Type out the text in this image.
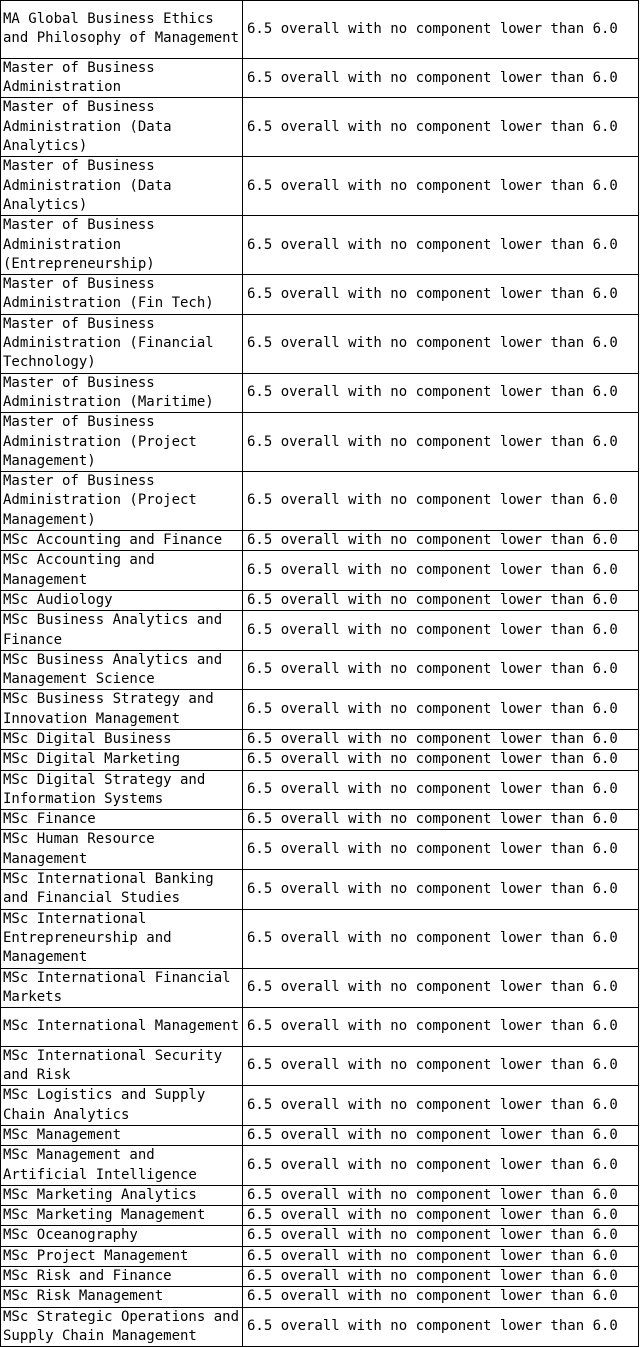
MA Global Business Ethics and Philosophy of Management	6.5 overall with no component lower than 6.0
Master of Business Administration	6.5 overall with no component lower than 6.0
Master of Business Administration (Data Analytics)	6.5 overall with no component lower than 6.0
Master of Business Administration (Data Analytics)	6.5 overall with no component lower than 6.0
Master of Business Administration (Entrepreneurship)	6.5 overall with no component lower than 6.0
Master of Business Administration (Fin Tech)	6.5 overall with no component lower than 6.0
Master of Business Administration (Financial Technology)	6.5 overall with no component lower than 6.0
Master of Business Administration (Maritime)	6.5 overall with no component lower than 6.0
Master of Business Administration (Project Management)	6.5 overall with no component lower than 6.0
Master of Business Administration (Project Management)	6.5 overall with no component lower than 6.0
MSc Accounting and Finance	6.5 overall with no component lower than 6.0
MSc Accounting and Management	6.5 overall with no component lower than 6.0
MSc Audiology	6.5 overall with no component lower than 6.0
MSc Business Analytics and Finance	6.5 overall with no component lower than 6.0
MSc Business Analytics and Management Science	6.5 overall with no component lower than 6.0
MSc Business Strategy and Innovation Management	6.5 overall with no component lower than 6.0
MSc Digital Business	6.5 overall with no component lower than 6.0
MSc Digital Marketing	6.5 overall with no component lower than 6.0
MSc Digital Strategy and Information Systems	6.5 overall with no component lower than 6.0
MSc Finance	6.5 overall with no component lower than 6.0
MSc Human Resource Management	6.5 overall with no component lower than 6.0
MSc International Banking and Financial Studies	6.5 overall with no component lower than 6.0
MSc International Entrepreneurship and Management	6.5 overall with no component lower than 6.0
MSc International Financial Markets	6.5 overall with no component lower than 6.0
MSc International Management	6.5 overall with no component lower than 6.0
MSc International Security and Risk	6.5 overall with no component lower than 6.0
MSc Logistics and Supply Chain Analytics	6.5 overall with no component lower than 6.0
MSc Management	6.5 overall with no component lower than 6.0
MSc Management and Artificial Intelligence	6.5 overall with no component lower than 6.0
MSc Marketing Analytics	6.5 overall with no component lower than 6.0
MSc Marketing Management	6.5 overall with no component lower than 6.0
MSc Oceanography	6.5 overall with no component lower than 6.0
MSc Project Management	6.5 overall with no component lower than 6.0
MSc Risk and Finance	6.5 overall with no component lower than 6.0
MSc Risk Management	6.5 overall with no component lower than 6.0
MSc Strategic Operations and Supply Chain Management	6.5 overall with no component lower than 6.0
